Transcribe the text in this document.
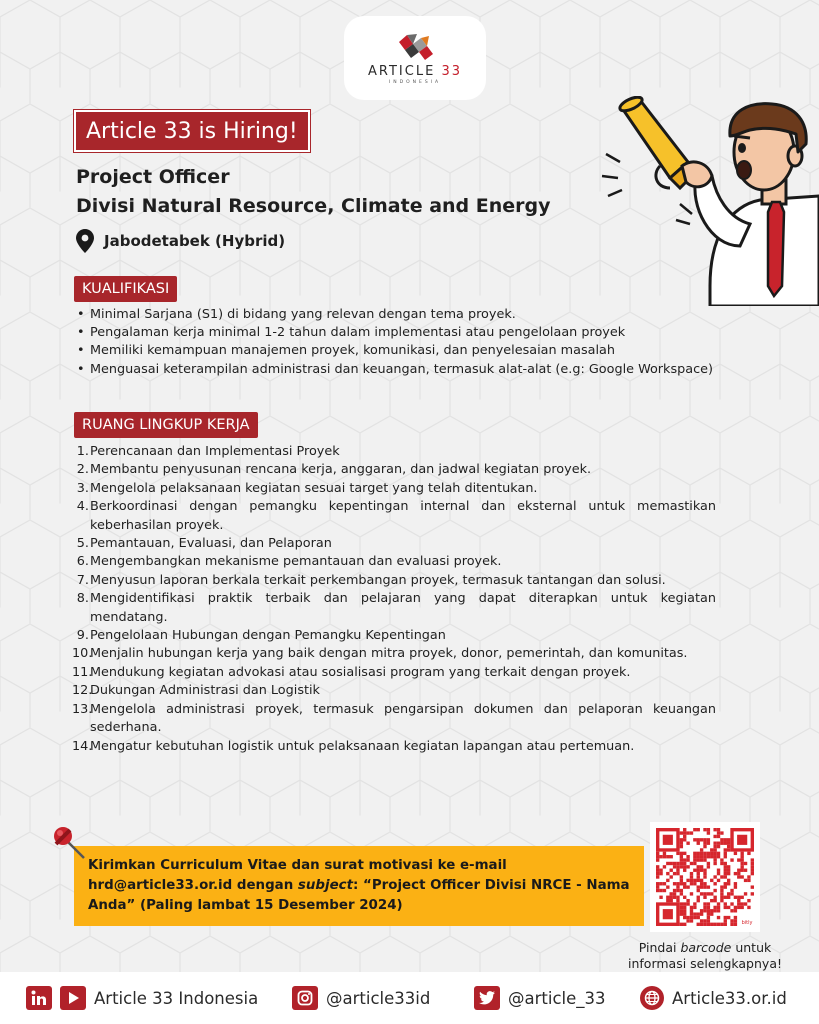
ARTICLE 33
INDONESIA
Article 33 is Hiring!
Project Officer
Divisi Natural Resource, Climate and Energy
Jabodetabek (Hybrid)
KUALIFIKASI
• Minimal Sarjana (S1) di bidang yang relevan dengan tema proyek.
• Pengalaman kerja minimal 1-2 tahun dalam implementasi atau pengelolaan proyek
• Memiliki kemampuan manajemen proyek, komunikasi, dan penyelesaian masalah
• Menguasai keterampilan administrasi dan keuangan, termasuk alat-alat (e.g: Google Workspace)
RUANG LINGKUP KERJA
1. Perencanaan dan Implementasi Proyek
2. Membantu penyusunan rencana kerja, anggaran, dan jadwal kegiatan proyek.
3. Mengelola pelaksanaan kegiatan sesuai target yang telah ditentukan.
4. Berkoordinasi dengan pemangku kepentingan internal dan eksternal untuk memastikan keberhasilan proyek.
5. Pemantauan, Evaluasi, dan Pelaporan
6. Mengembangkan mekanisme pemantauan dan evaluasi proyek.
7. Menyusun laporan berkala terkait perkembangan proyek, termasuk tantangan dan solusi.
8. Mengidentifikasi praktik terbaik dan pelajaran yang dapat diterapkan untuk kegiatan mendatang.
9. Pengelolaan Hubungan dengan Pemangku Kepentingan
10.
Menjalin hubungan kerja yang baik dengan mitra proyek, donor, pemerintah, dan komunitas.
11.
Mendukung kegiatan advokasi atau sosialisasi program yang terkait dengan proyek.
12.
Dukungan Administrasi dan Logistik
13.
Mengelola administrasi proyek, termasuk pengarsipan dokumen dan pelaporan keuangan sederhana.
14.
Mengatur kebutuhan logistik untuk pelaksanaan kegiatan lapangan atau pertemuan.
Kirimkan Curriculum Vitae dan surat motivasi ke e-mail hrd@article33.or.id dengan subject: “Project Officer Divisi NRCE - Nama Anda” (Paling lambat 15 Desember 2024)
bitly
Pindai barcode untuk informasi selengkapnya!
Article 33 Indonesia	@article33id	@article_33	Article33.or.id
